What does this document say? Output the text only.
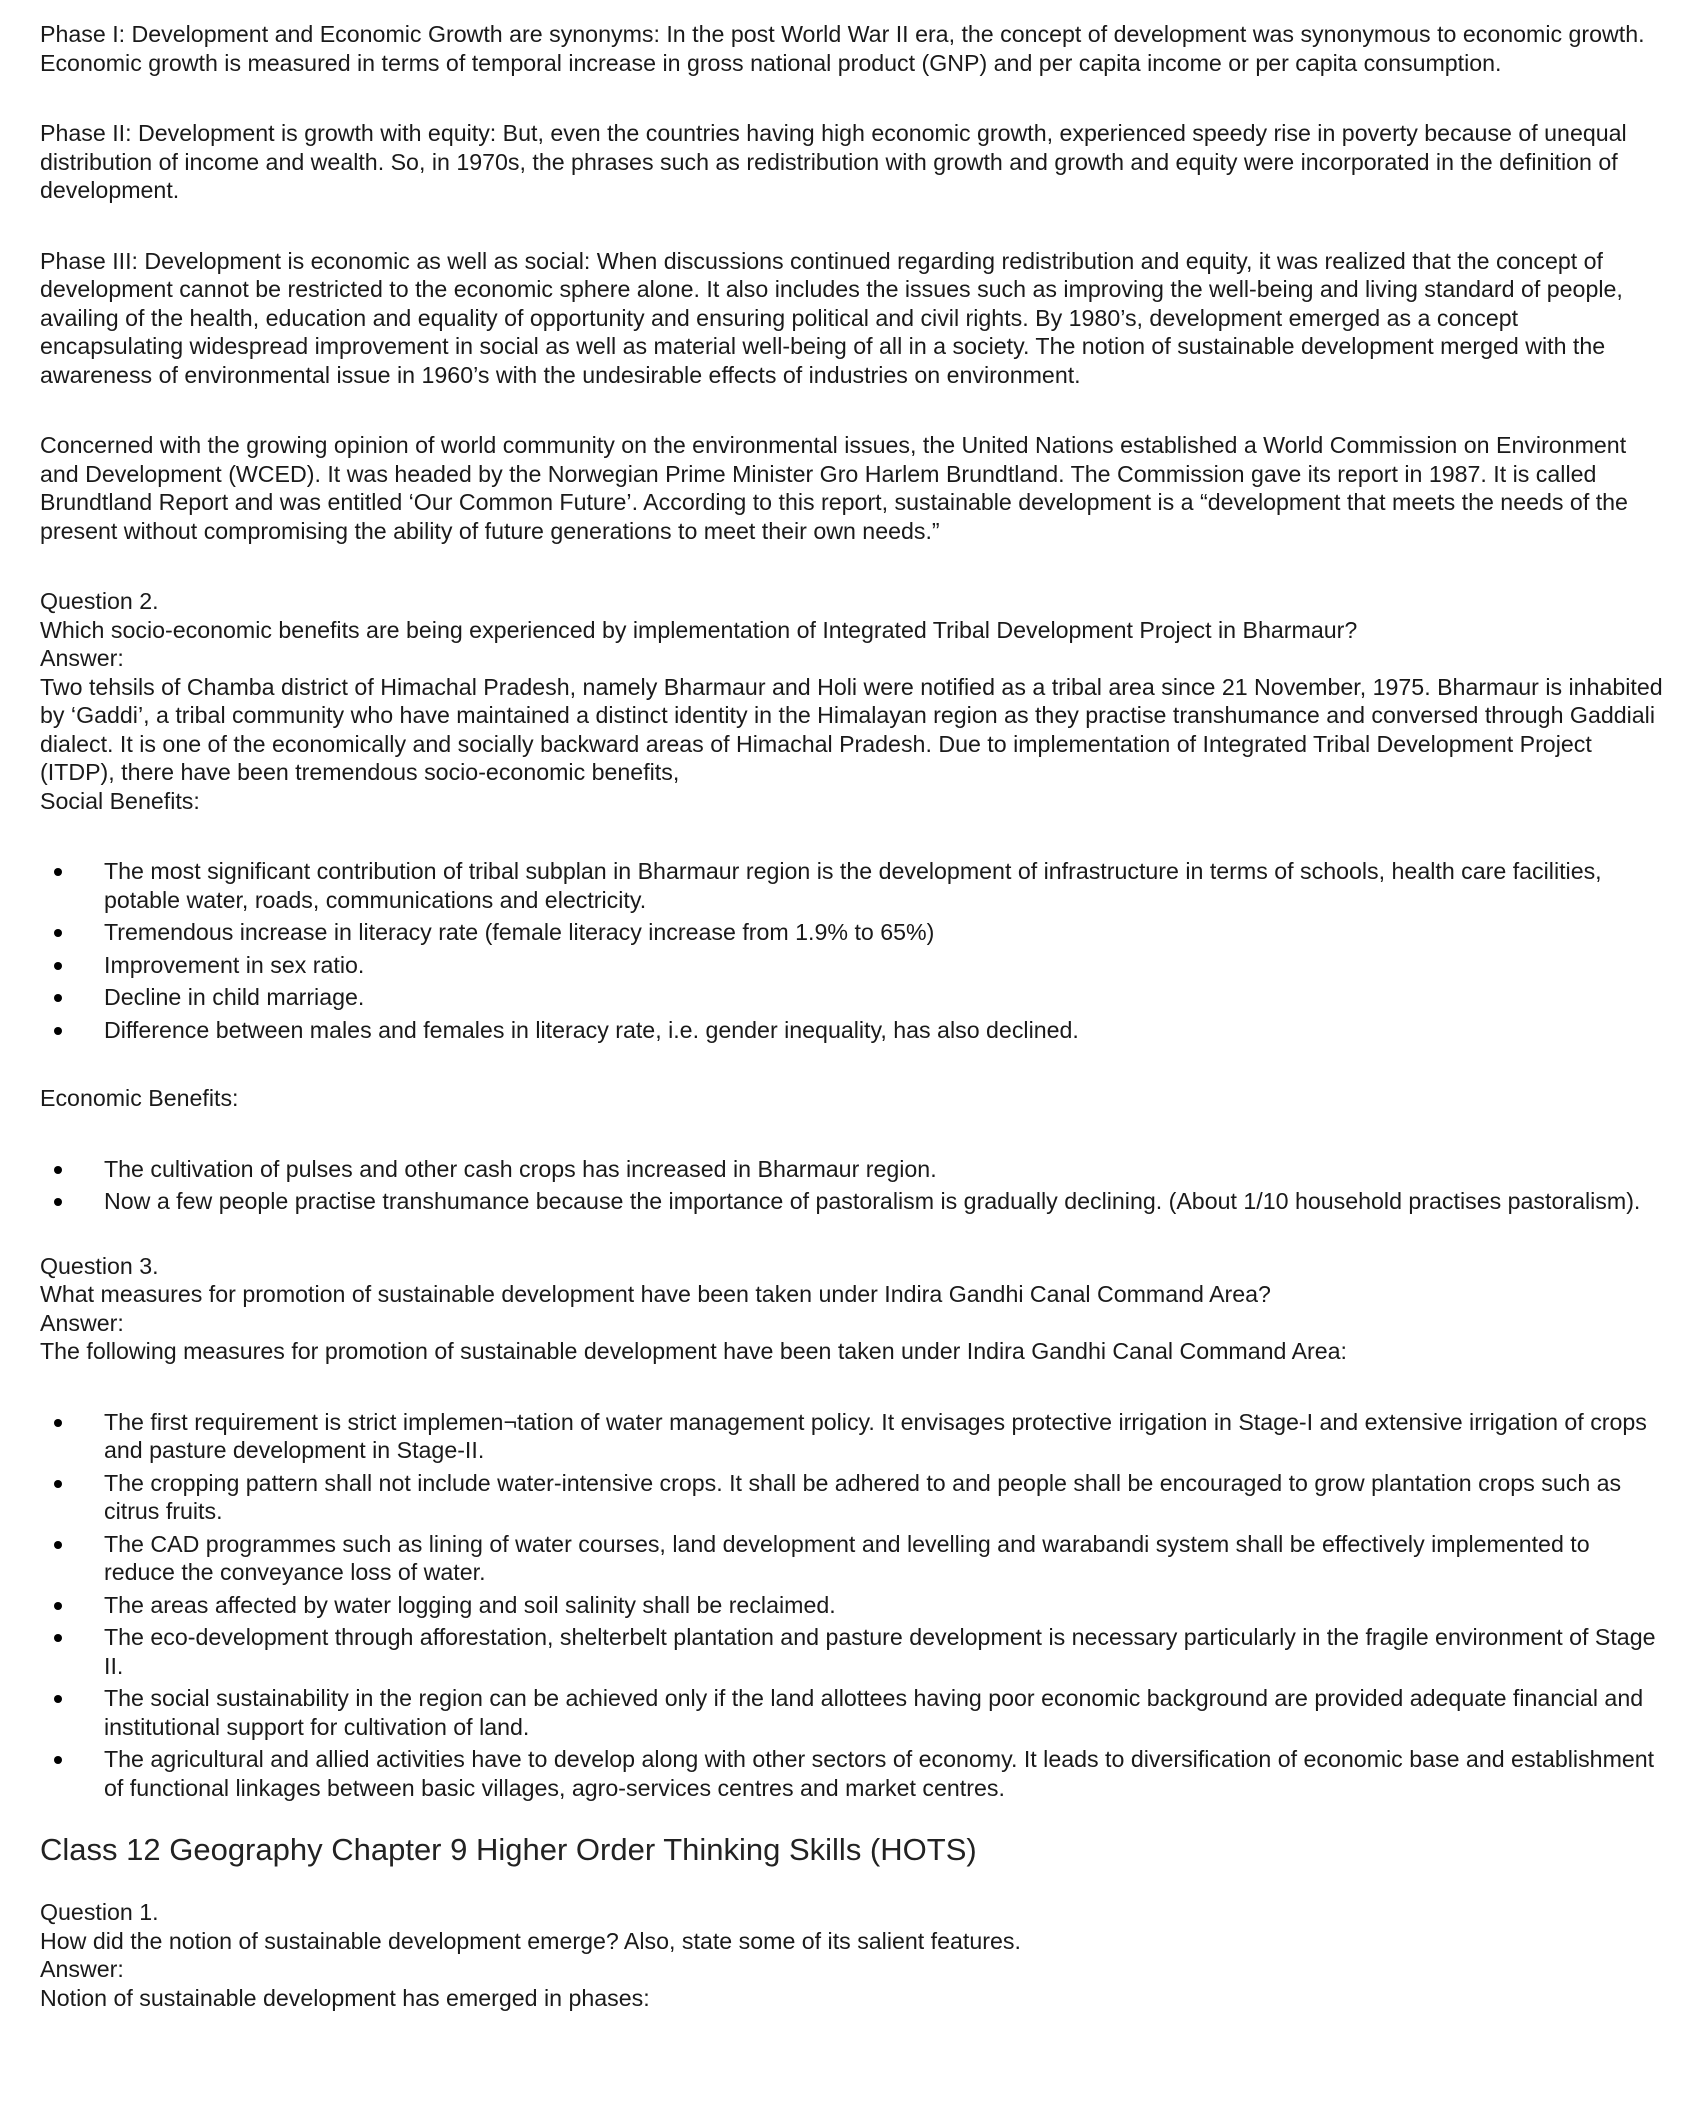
Phase I: Development and Economic Growth are synonyms: In the post World War II era, the concept of development was synonymous to economic growth. Economic growth is measured in terms of temporal increase in gross national product (GNP) and per capita income or per capita consumption.

Phase II: Development is growth with equity: But, even the countries having high economic growth, experienced speedy rise in poverty because of unequal distribution of income and wealth. So, in 1970s, the phrases such as redistribution with growth and growth and equity were incorporated in the definition of development.

Phase III: Development is economic as well as social: When discussions continued regarding redistribution and equity, it was realized that the concept of development cannot be restricted to the economic sphere alone. It also includes the issues such as improving the well-being and living standard of people, availing of the health, education and equality of opportunity and ensuring political and civil rights. By 1980’s, development emerged as a concept encapsulating widespread improvement in social as well as material well-being of all in a society. The notion of sustainable development merged with the awareness of environmental issue in 1960’s with the undesirable effects of industries on environment.

Concerned with the growing opinion of world community on the environmental issues, the United Nations established a World Commission on Environment and Development (WCED). It was headed by the Norwegian Prime Minister Gro Harlem Brundtland. The Commission gave its report in 1987. It is called Brundtland Report and was entitled ‘Our Common Future’. According to this report, sustainable development is a “development that meets the needs of the present without compromising the ability of future generations to meet their own needs.”

Question 2.
Which socio-economic benefits are being experienced by implementation of Integrated Tribal Development Project in Bharmaur?
Answer:
Two tehsils of Chamba district of Himachal Pradesh, namely Bharmaur and Holi were notified as a tribal area since 21 November, 1975. Bharmaur is inhabited by ‘Gaddi’, a tribal community who have maintained a distinct identity in the Himalayan region as they practise transhumance and conversed through Gaddiali dialect. It is one of the economically and socially backward areas of Himachal Pradesh. Due to implementation of Integrated Tribal Development Project (ITDP), there have been tremendous socio-economic benefits,
Social Benefits:

The most significant contribution of tribal subplan in Bharmaur region is the development of infrastructure in terms of schools, health care facilities, potable water, roads, communications and electricity.
Tremendous increase in literacy rate (female literacy increase from 1.9% to 65%)
Improvement in sex ratio.
Decline in child marriage.
Difference between males and females in literacy rate, i.e. gender inequality, has also declined.

Economic Benefits:

The cultivation of pulses and other cash crops has increased in Bharmaur region.
Now a few people practise transhumance because the importance of pastoralism is gradually declining. (About 1/10 household practises pastoralism).

Question 3.
What measures for promotion of sustainable development have been taken under Indira Gandhi Canal Command Area?
Answer:
The following measures for promotion of sustainable development have been taken under Indira Gandhi Canal Command Area:

The first requirement is strict implemen¬tation of water management policy. It envisages protective irrigation in Stage-I and extensive irrigation of crops and pasture development in Stage-II.
The cropping pattern shall not include water-intensive crops. It shall be adhered to and people shall be encouraged to grow plantation crops such as citrus fruits.
The CAD programmes such as lining of water courses, land development and levelling and warabandi system shall be effectively implemented to reduce the conveyance loss of water.
The areas affected by water logging and soil salinity shall be reclaimed.
The eco-development through afforestation, shelterbelt plantation and pasture development is necessary particularly in the fragile environment of Stage II.
The social sustainability in the region can be achieved only if the land allottees having poor economic background are provided adequate financial and institutional support for cultivation of land.
The agricultural and allied activities have to develop along with other sectors of economy. It leads to diversification of economic base and establishment of functional linkages between basic villages, agro-services centres and market centres.
Class 12 Geography Chapter 9 Higher Order Thinking Skills (HOTS)

Question 1.
How did the notion of sustainable development emerge? Also, state some of its salient features.
Answer:
Notion of sustainable development has emerged in phases:
